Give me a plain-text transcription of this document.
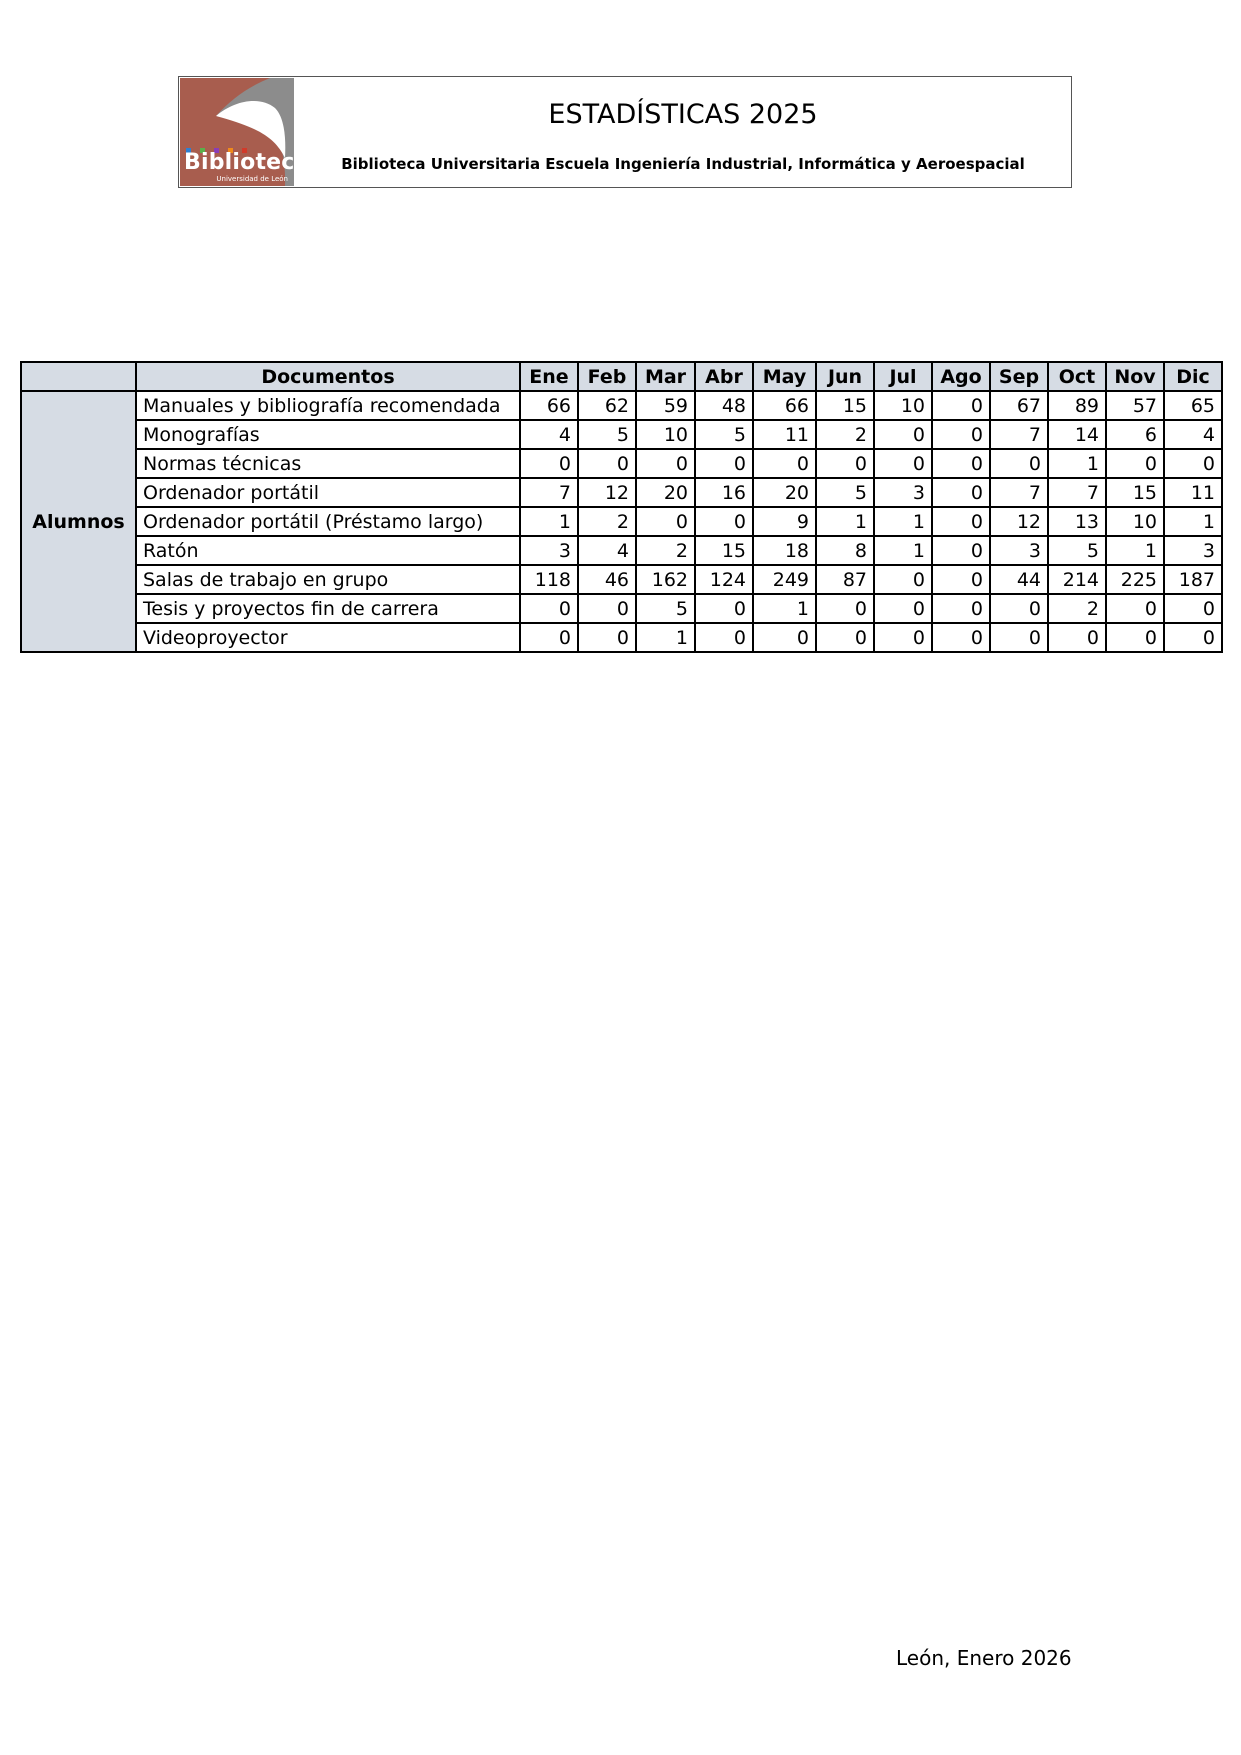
Biblioteca
Universidad de León
ESTADÍSTICAS 2025
Biblioteca Universitaria Escuela Ingeniería Industrial, Informática y Aeroespacial
	Documentos	Ene	Feb	Mar	Abr	May	Jun	Jul	Ago	Sep	Oct	Nov	Dic
Alumnos	Manuales y bibliografía recomendada	66	62	59	48	66	15	10	0	67	89	57	65
	Monografías	4	5	10	5	11	2	0	0	7	14	6	4
	Normas técnicas	0	0	0	0	0	0	0	0	0	1	0	0
	Ordenador portátil	7	12	20	16	20	5	3	0	7	7	15	11
	Ordenador portátil (Préstamo largo)	1	2	0	0	9	1	1	0	12	13	10	1
	Ratón	3	4	2	15	18	8	1	0	3	5	1	3
	Salas de trabajo en grupo	118	46	162	124	249	87	0	0	44	214	225	187
	Tesis y proyectos fin de carrera	0	0	5	0	1	0	0	0	0	2	0	0
	Videoproyector	0	0	1	0	0	0	0	0	0	0	0	0
León, Enero 2026
